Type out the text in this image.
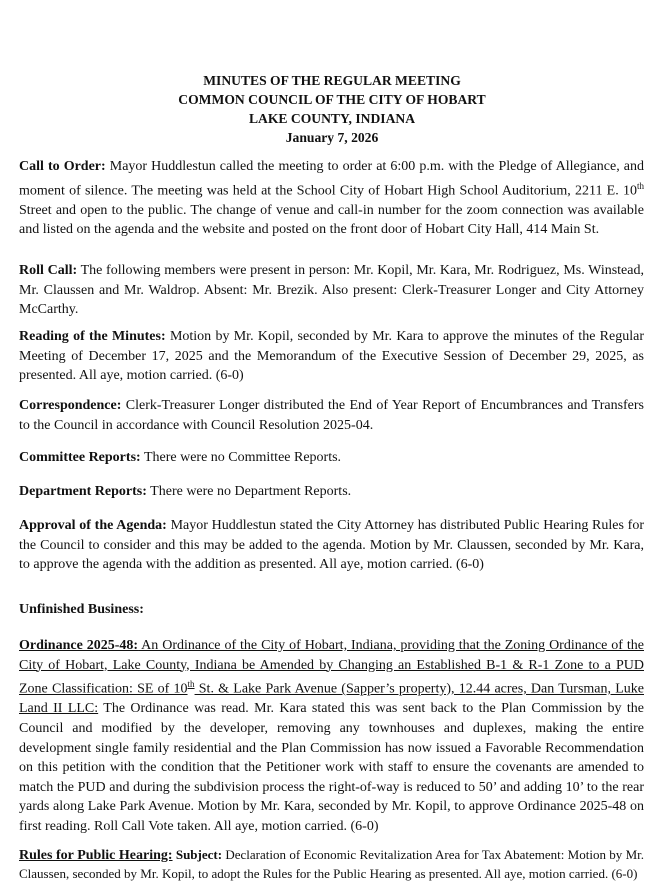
MINUTES OF THE REGULAR MEETING
COMMON COUNCIL OF THE CITY OF HOBART
LAKE COUNTY, INDIANA
January 7, 2026

Call to Order: Mayor Huddlestun called the meeting to order at 6:00 p.m. with the Pledge of Allegiance, and moment of silence. The meeting was held at the School City of Hobart High School Auditorium, 2211 E. 10th Street and open to the public. The change of venue and call-in number for the zoom connection was available and listed on the agenda and the website and posted on the front door of Hobart City Hall, 414 Main St.

Roll Call: The following members were present in person: Mr. Kopil, Mr. Kara, Mr. Rodriguez, Ms. Winstead, Mr. Claussen and Mr. Waldrop. Absent: Mr. Brezik. Also present: Clerk-Treasurer Longer and City Attorney McCarthy.

Reading of the Minutes: Motion by Mr. Kopil, seconded by Mr. Kara to approve the minutes of the Regular Meeting of December 17, 2025 and the Memorandum of the Executive Session of December 29, 2025, as presented. All aye, motion carried. (6-0)

Correspondence: Clerk-Treasurer Longer distributed the End of Year Report of Encumbrances and Transfers to the Council in accordance with Council Resolution 2025-04.

Committee Reports: There were no Committee Reports.

Department Reports: There were no Department Reports.

Approval of the Agenda: Mayor Huddlestun stated the City Attorney has distributed Public Hearing Rules for the Council to consider and this may be added to the agenda. Motion by Mr. Claussen, seconded by Mr. Kara, to approve the agenda with the addition as presented. All aye, motion carried. (6-0)

Unfinished Business:

Ordinance 2025-48: An Ordinance of the City of Hobart, Indiana, providing that the Zoning Ordinance of the City of Hobart, Lake County, Indiana be Amended by Changing an Established B-1 & R-1 Zone to a PUD Zone Classification: SE of 10th St. & Lake Park Avenue (Sapper’s property), 12.44 acres, Dan Tursman, Luke Land II LLC: The Ordinance was read. Mr. Kara stated this was sent back to the Plan Commission by the Council and modified by the developer, removing any townhouses and duplexes, making the entire development single family residential and the Plan Commission has now issued a Favorable Recommendation on this petition with the condition that the Petitioner work with staff to ensure the covenants are amended to match the PUD and during the subdivision process the right-of-way is reduced to 50’ and adding 10’ to the rear yards along Lake Park Avenue. Motion by Mr. Kara, seconded by Mr. Kopil, to approve Ordinance 2025-48 on first reading. Roll Call Vote taken. All aye, motion carried. (6-0)

Rules for Public Hearing: Subject: Declaration of Economic Revitalization Area for Tax Abatement: Motion by Mr. Claussen, seconded by Mr. Kopil, to adopt the Rules for the Public Hearing as presented. All aye, motion carried. (6-0)
